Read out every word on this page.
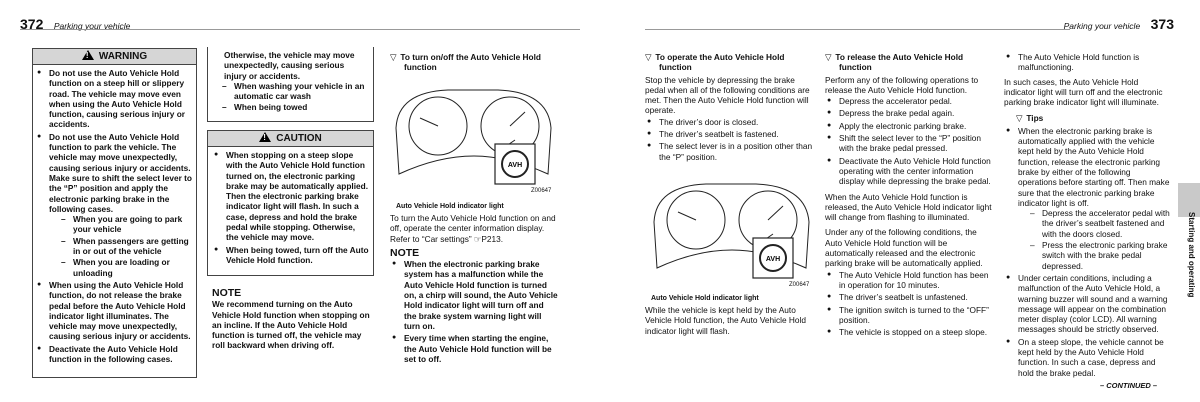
372 Parking your vehicle	Parking your vehicle 373
!WARNING
● Do not use the Auto Vehicle Hold function on a steep hill or slippery road. The vehicle may move even when using the Auto Vehicle Hold function, causing serious injury or accidents.
● Do not use the Auto Vehicle Hold function to park the vehicle. The vehicle may move unexpectedly, causing serious injury or accidents. Make sure to shift the select lever to the “P” position and apply the electronic parking brake in the following cases.
– When you are going to park your vehicle
– When passengers are getting in or out of the vehicle
– When you are loading or unloading
● When using the Auto Vehicle Hold function, do not release the brake pedal before the Auto Vehicle Hold indicator light illuminates. The vehicle may move unexpectedly, causing serious injury or accidents.
● Deactivate the Auto Vehicle Hold function in the following cases.
Otherwise, the vehicle may move unexpectedly, causing serious injury or accidents.
– When washing your vehicle in an automatic car wash
– When being towed
!CAUTION
● When stopping on a steep slope with the Auto Vehicle Hold function turned on, the electronic parking brake may be automatically applied. Then the electronic parking brake indicator light will flash. In such a case, depress and hold the brake pedal while stopping. Otherwise, the vehicle may move.
● When being towed, turn off the Auto Vehicle Hold function.
NOTE
We recommend turning on the Auto Vehicle Hold function when stopping on an incline. If the Auto Vehicle Hold function is turned off, the vehicle may roll backward when driving off.
▽ To turn on/off the Auto Vehicle Hold function
AVH
Z00647
Auto Vehicle Hold indicator light
To turn the Auto Vehicle Hold function on and off, operate the center information display. Refer to “Car settings” ☞P213.
NOTE
● When the electronic parking brake system has a malfunction while the Auto Vehicle Hold function is turned on, a chirp will sound, the Auto Vehicle Hold indicator light will turn off and the brake system warning light will turn on.
● Every time when starting the engine, the Auto Vehicle Hold function will be set to off.
▽ To operate the Auto Vehicle Hold function
Stop the vehicle by depressing the brake pedal when all of the following conditions are met. Then the Auto Vehicle Hold function will operate.
● The driver’s door is closed.
● The driver’s seatbelt is fastened.
● The select lever is in a position other than the “P” position.
AVH
Z00647
Auto Vehicle Hold indicator light
While the vehicle is kept held by the Auto Vehicle Hold function, the Auto Vehicle Hold indicator light will flash.
▽ To release the Auto Vehicle Hold function
Perform any of the following operations to release the Auto Vehicle Hold function.
● Depress the accelerator pedal.
● Depress the brake pedal again.
● Apply the electronic parking brake.
● Shift the select lever to the “P” position with the brake pedal pressed.
● Deactivate the Auto Vehicle Hold function operating with the center information display while depressing the brake pedal.
When the Auto Vehicle Hold function is released, the Auto Vehicle Hold indicator light will change from flashing to illuminated.
Under any of the following conditions, the Auto Vehicle Hold function will be automatically released and the electronic parking brake will be automatically applied.
● The Auto Vehicle Hold function has been in operation for 10 minutes.
● The driver’s seatbelt is unfastened.
● The ignition switch is turned to the “OFF” position.
● The vehicle is stopped on a steep slope.
● The Auto Vehicle Hold function is malfunctioning.
In such cases, the Auto Vehicle Hold indicator light will turn off and the electronic parking brake indicator light will illuminate.
▽ Tips
● When the electronic parking brake is automatically applied with the vehicle kept held by the Auto Vehicle Hold function, release the electronic parking brake by either of the following operations before starting off. Then make sure that the electronic parking brake indicator light is off.
– Depress the accelerator pedal with the driver’s seatbelt fastened and with the doors closed.
– Press the electronic parking brake switch with the brake pedal depressed.
● Under certain conditions, including a malfunction of the Auto Vehicle Hold, a warning buzzer will sound and a warning message will appear on the combination meter display (color LCD). All warning messages should be strictly observed.
● On a steep slope, the vehicle cannot be kept held by the Auto Vehicle Hold function. In such a case, depress and hold the brake pedal.
– CONTINUED –
Starting and operating
